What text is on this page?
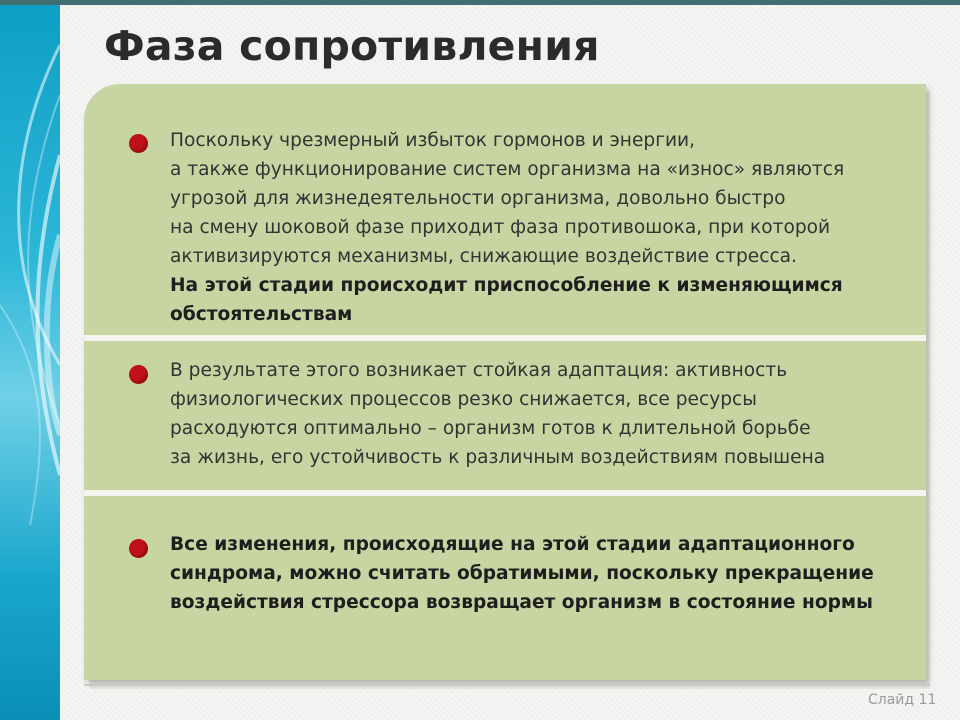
Фаза сопротивления
Поскольку чрезмерный избыток гормонов и энергии,
а также функционирование систем организма на «износ» являются
угрозой для жизнедеятельности организма, довольно быстро
на смену шоковой фазе приходит фаза противошока, при которой
активизируются механизмы, снижающие воздействие стресса.
На этой стадии происходит приспособление к изменяющимся
обстоятельствам
В результате этого возникает стойкая адаптация: активность
физиологических процессов резко снижается, все ресурсы
расходуются оптимально – организм готов к длительной борьбе
за жизнь, его устойчивость к различным воздействиям повышена
Все изменения, происходящие на этой стадии адаптационного
синдрома, можно считать обратимыми, поскольку прекращение
воздействия стрессора возвращает организм в состояние нормы
Слайд 11
